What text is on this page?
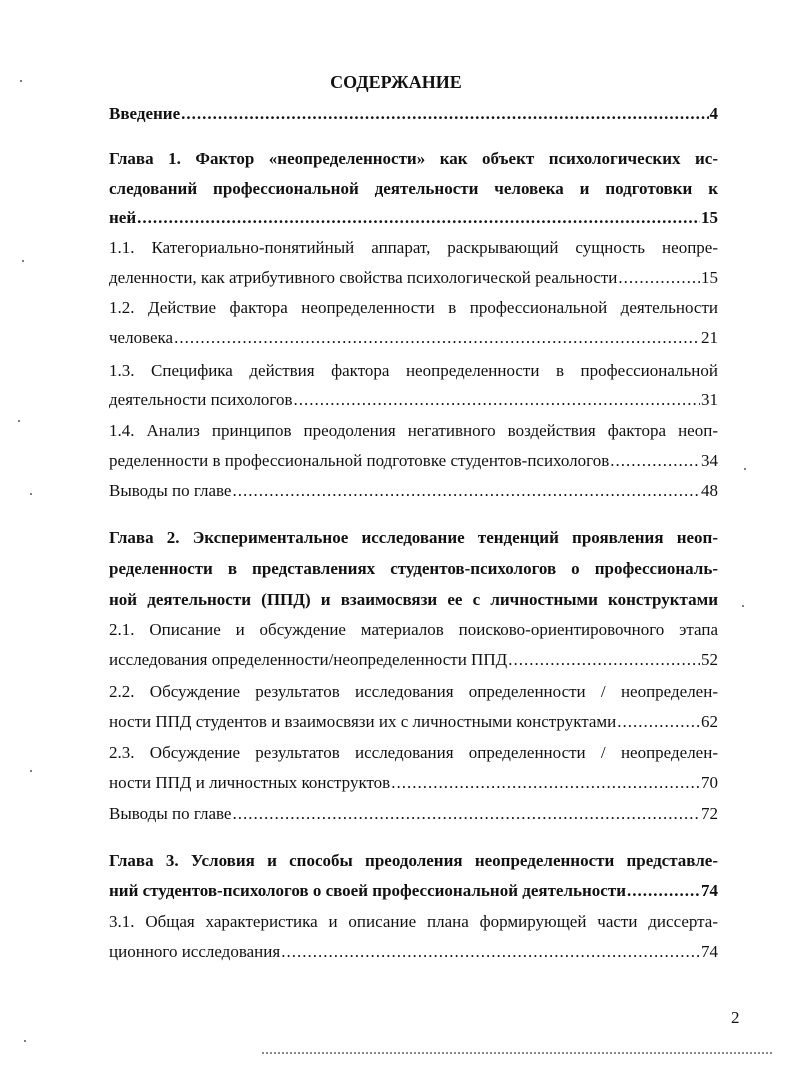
СОДЕРЖАНИЕ
Введение .....	4
Глава 1. Фактор «неопределенности» как объект психологических ис-
следований профессиональной деятельности человека и подготовки к
ней .....	15
1.1. Категориально-понятийный аппарат, раскрывающий сущность неопре-
деленности, как атрибутивного свойства психологической реальности .....	15
1.2. Действие фактора неопределенности в профессиональной деятельности
человека .....	21
1.3. Специфика действия фактора неопределенности в профессиональной
деятельности психологов .....	31
1.4. Анализ принципов преодоления негативного воздействия фактора неоп-
ределенности в профессиональной подготовке студентов-психологов .....	34
Выводы по главе .....	48
Глава 2. Экспериментальное исследование тенденций проявления неоп-
ределенности в представлениях студентов-психологов о профессиональ-
ной деятельности (ППД) и взаимосвязи ее с личностными конструктами
2.1. Описание и обсуждение материалов поисково-ориентировочного этапа
исследования определенности/неопределенности ППД .....	52
2.2. Обсуждение результатов исследования определенности / неопределен-
ности ППД студентов и взаимосвязи их с личностными конструктами .....	62
2.3. Обсуждение результатов исследования определенности / неопределен-
ности ППД и личностных конструктов .....	70
Выводы по главе .....	72
Глава 3. Условия и способы преодоления неопределенности представле-
ний студентов-психологов о своей профессиональной деятельности .....	74
3.1. Общая характеристика и описание плана формирующей части диссерта-
ционного исследования .....	74
2
